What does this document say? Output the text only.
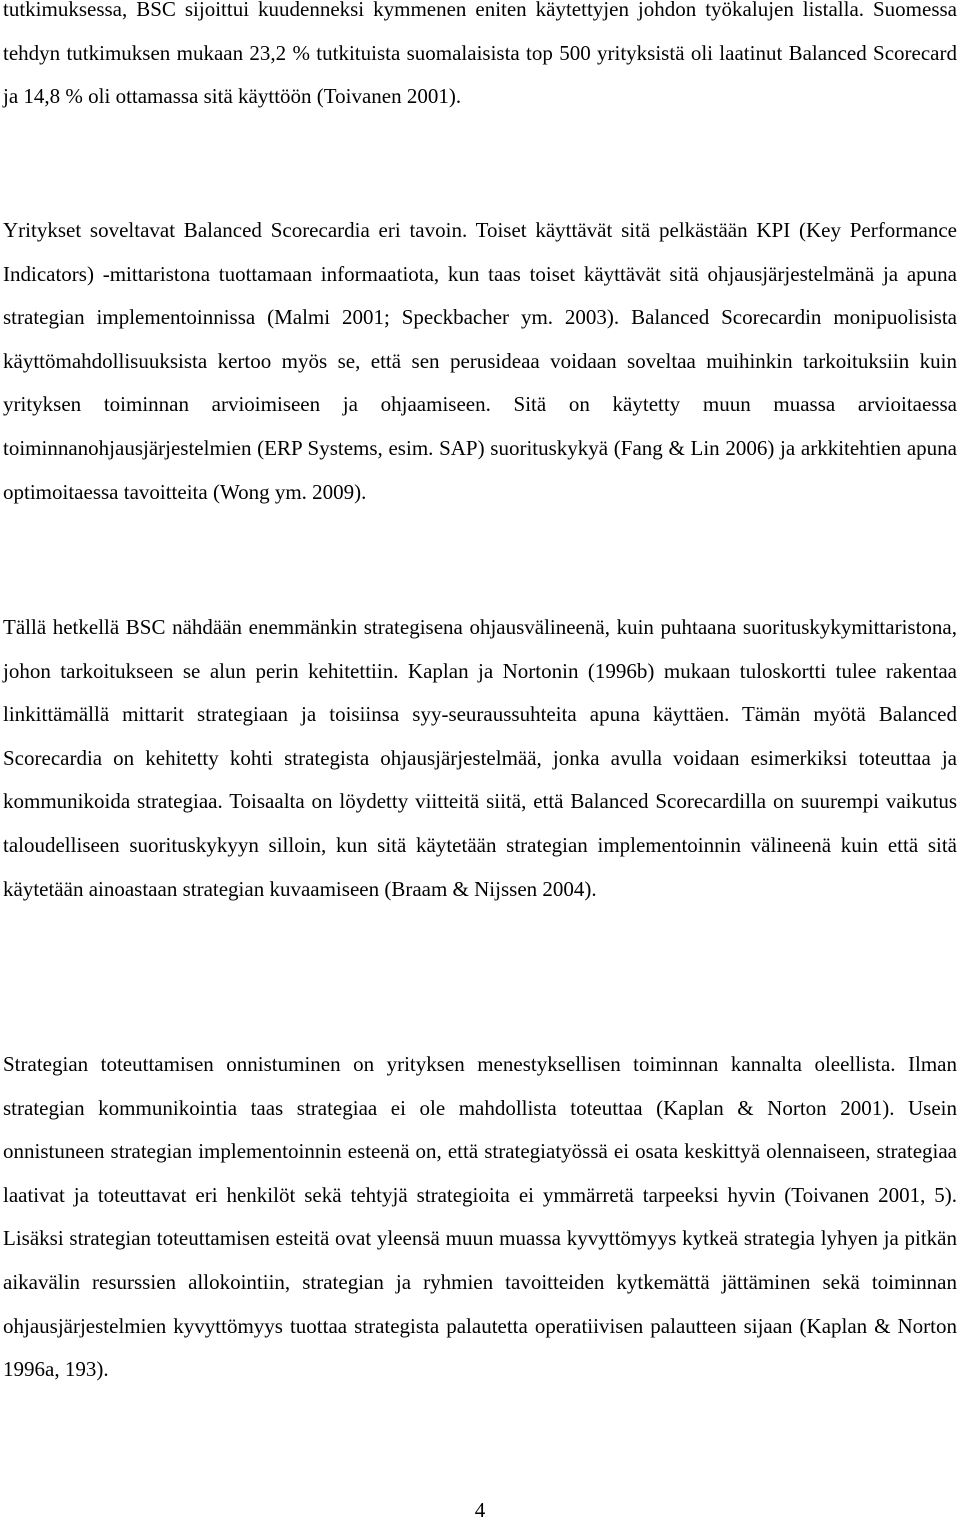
tutkimuksessa, BSC sijoittui kuudenneksi kymmenen eniten käytettyjen johdon työkalujen listalla. Suomessa tehdyn tutkimuksen mukaan 23,2 % tutkituista suomalaisista top 500 yrityksistä oli laatinut Balanced Scorecard ja 14,8 % oli ottamassa sitä käyttöön (Toivanen 2001).

Yritykset soveltavat Balanced Scorecardia eri tavoin. Toiset käyttävät sitä pelkästään KPI (Key Performance Indicators) -mittaristona tuottamaan informaatiota, kun taas toiset käyttävät sitä ohjausjärjestelmänä ja apuna strategian implementoinnissa (Malmi 2001; Speckbacher ym. 2003). Balanced Scorecardin monipuolisista käyttömahdollisuuksista kertoo myös se, että sen perusideaa voidaan soveltaa muihinkin tarkoituksiin kuin yrityksen toiminnan arvioimiseen ja ohjaamiseen. Sitä on käytetty muun muassa arvioitaessa toiminnanohjausjärjestelmien (ERP Systems, esim. SAP) suorituskykyä (Fang & Lin 2006) ja arkkitehtien apuna optimoitaessa tavoitteita (Wong ym. 2009).

Tällä hetkellä BSC nähdään enemmänkin strategisena ohjausvälineenä, kuin puhtaana suorituskykymittaristona, johon tarkoitukseen se alun perin kehitettiin. Kaplan ja Nortonin (1996b) mukaan tuloskortti tulee rakentaa linkittämällä mittarit strategiaan ja toisiinsa syy-seuraussuhteita apuna käyttäen. Tämän myötä Balanced Scorecardia on kehitetty kohti strategista ohjausjärjestelmää, jonka avulla voidaan esimerkiksi toteuttaa ja kommunikoida strategiaa. Toisaalta on löydetty viitteitä siitä, että Balanced Scorecardilla on suurempi vaikutus taloudelliseen suorituskykyyn silloin, kun sitä käytetään strategian implementoinnin välineenä kuin että sitä käytetään ainoastaan strategian kuvaamiseen (Braam & Nijssen 2004).

Strategian toteuttamisen onnistuminen on yrityksen menestyksellisen toiminnan kannalta oleellista. Ilman strategian kommunikointia taas strategiaa ei ole mahdollista toteuttaa (Kaplan & Norton 2001). Usein onnistuneen strategian implementoinnin esteenä on, että strategiatyössä ei osata keskittyä olennaiseen, strategiaa laativat ja toteuttavat eri henkilöt sekä tehtyjä strategioita ei ymmärretä tarpeeksi hyvin (Toivanen 2001, 5). Lisäksi strategian toteuttamisen esteitä ovat yleensä muun muassa kyvyttömyys kytkeä strategia lyhyen ja pitkän aikavälin resurssien allokointiin, strategian ja ryhmien tavoitteiden kytkemättä jättäminen sekä toiminnan ohjausjärjestelmien kyvyttömyys tuottaa strategista palautetta operatiivisen palautteen sijaan (Kaplan & Norton 1996a, 193).

4
